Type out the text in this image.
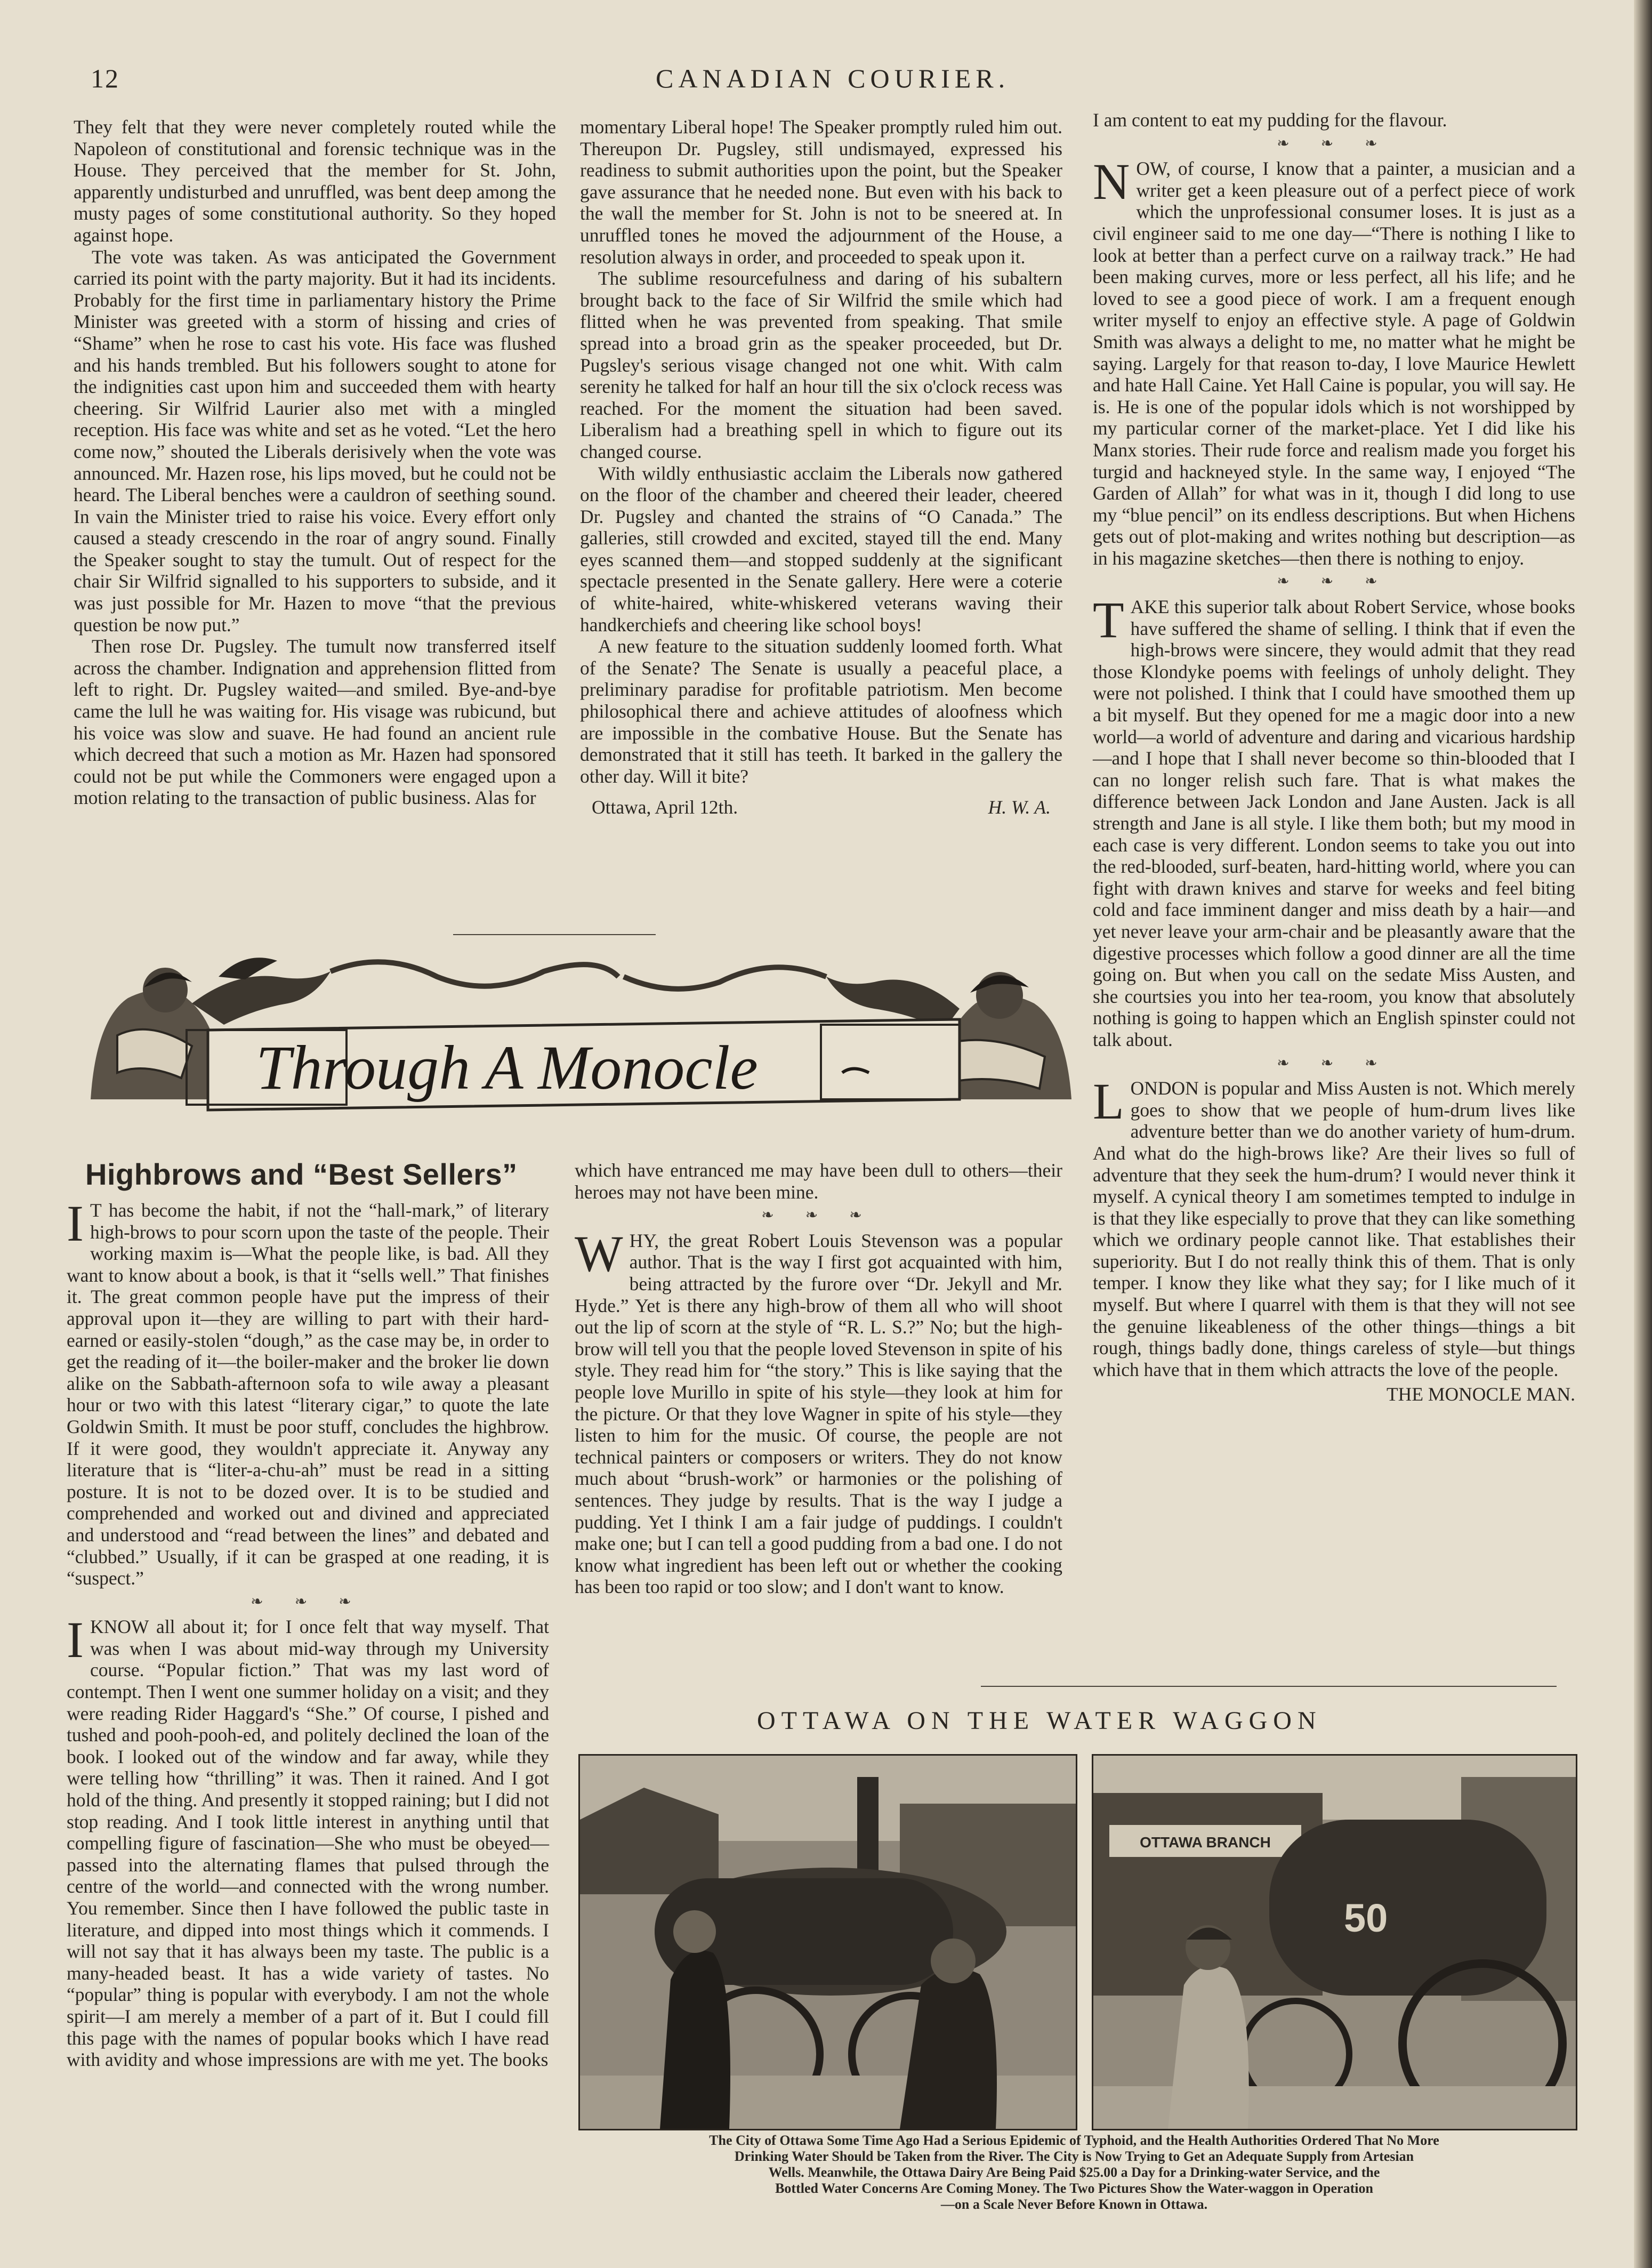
12	CANADIAN COURIER.

They felt that they were never completely routed while the Napoleon of constitutional and forensic technique was in the House. They perceived that the member for St. John, apparently undisturbed and unruffled, was bent deep among the musty pages of some constitutional authority. So they hoped against hope.

The vote was taken. As was anticipated the Government carried its point with the party majority. But it had its incidents. Probably for the first time in parliamentary history the Prime Minister was greeted with a storm of hissing and cries of “Shame” when he rose to cast his vote. His face was flushed and his hands trembled. But his followers sought to atone for the indignities cast upon him and succeeded them with hearty cheering. Sir Wilfrid Laurier also met with a mingled reception. His face was white and set as he voted. “Let the hero come now,” shouted the Liberals derisively when the vote was announced. Mr. Hazen rose, his lips moved, but he could not be heard. The Liberal benches were a cauldron of seething sound. In vain the Minister tried to raise his voice. Every effort only caused a steady crescendo in the roar of angry sound. Finally the Speaker sought to stay the tumult. Out of respect for the chair Sir Wilfrid signalled to his supporters to subside, and it was just possible for Mr. Hazen to move “that the previous question be now put.”

Then rose Dr. Pugsley. The tumult now transferred itself across the chamber. Indignation and apprehension flitted from left to right. Dr. Pugsley waited—and smiled. Bye-and-bye came the lull he was waiting for. His visage was rubicund, but his voice was slow and suave. He had found an ancient rule which decreed that such a motion as Mr. Hazen had sponsored could not be put while the Commoners were engaged upon a motion relating to the transaction of public business. Alas for

momentary Liberal hope! The Speaker promptly ruled him out. Thereupon Dr. Pugsley, still undismayed, expressed his readiness to submit authorities upon the point, but the Speaker gave assurance that he needed none. But even with his back to the wall the member for St. John is not to be sneered at. In unruffled tones he moved the adjournment of the House, a resolution always in order, and proceeded to speak upon it.

The sublime resourcefulness and daring of his subaltern brought back to the face of Sir Wilfrid the smile which had flitted when he was prevented from speaking. That smile spread into a broad grin as the speaker proceeded, but Dr. Pugsley's serious visage changed not one whit. With calm serenity he talked for half an hour till the six o'clock recess was reached. For the moment the situation had been saved. Liberalism had a breathing spell in which to figure out its changed course.

With wildly enthusiastic acclaim the Liberals now gathered on the floor of the chamber and cheered their leader, cheered Dr. Pugsley and chanted the strains of “O Canada.” The galleries, still crowded and excited, stayed till the end. Many eyes scanned them—and stopped suddenly at the significant spectacle presented in the Senate gallery. Here were a coterie of white-haired, white-whiskered veterans waving their handkerchiefs and cheering like school boys!

A new feature to the situation suddenly loomed forth. What of the Senate? The Senate is usually a peaceful place, a preliminary paradise for profitable patriotism. Men become philosophical there and achieve attitudes of aloofness which are impossible in the combative House. But the Senate has demonstrated that it still has teeth. It barked in the gallery the other day. Will it bite?

Ottawa, April 12th.	H. W. A.
Through A Monocle
Highbrows and “Best Sellers”

I T has become the habit, if not the “hall-mark,” of literary high-brows to pour scorn upon the taste of the people. Their working maxim is—What the people like, is bad. All they want to know about a book, is that it “sells well.” That finishes it. The great common people have put the impress of their approval upon it—they are willing to part with their hard-earned or easily-stolen “dough,” as the case may be, in order to get the reading of it—the boiler-maker and the broker lie down alike on the Sabbath-afternoon sofa to wile away a pleasant hour or two with this latest “literary cigar,” to quote the late Goldwin Smith. It must be poor stuff, concludes the highbrow. If it were good, they wouldn't appreciate it. Anyway any literature that is “liter-a-chu-ah” must be read in a sitting posture. It is not to be dozed over. It is to be studied and comprehended and worked out and divined and appreciated and understood and “read between the lines” and debated and “clubbed.” Usually, if it can be grasped at one reading, it is “suspect.”

❧ ❧ ❧

IKNOW all about it; for I once felt that way myself. That was when I was about mid-way through my University course. “Popular fiction.” That was my last word of contempt. Then I went one summer holiday on a visit; and they were reading Rider Haggard's “She.” Of course, I pished and tushed and pooh-pooh-ed, and politely declined the loan of the book. I looked out of the window and far away, while they were telling how “thrilling” it was. Then it rained. And I got hold of the thing. And presently it stopped raining; but I did not stop reading. And I took little interest in anything until that compelling figure of fascination—She who must be obeyed—passed into the alternating flames that pulsed through the centre of the world—and connected with the wrong number. You remember. Since then I have followed the public taste in literature, and dipped into most things which it commends. I will not say that it has always been my taste. The public is a many-headed beast. It has a wide variety of tastes. No “popular” thing is popular with everybody. I am not the whole spirit—I am merely a member of a part of it. But I could fill this page with the names of popular books which I have read with avidity and whose impressions are with me yet. The books

which have entranced me may have been dull to others—their heroes may not have been mine.

❧ ❧ ❧

WHY, the great Robert Louis Stevenson was a popular author. That is the way I first got acquainted with him, being attracted by the furore over “Dr. Jekyll and Mr. Hyde.” Yet is there any high-brow of them all who will shoot out the lip of scorn at the style of “R. L. S.?” No; but the high-brow will tell you that the people loved Stevenson in spite of his style. They read him for “the story.” This is like saying that the people love Murillo in spite of his style—they look at him for the picture. Or that they love Wagner in spite of his style—they listen to him for the music. Of course, the people are not technical painters or composers or writers. They do not know much about “brush-work” or harmonies or the polishing of sentences. They judge by results. That is the way I judge a pudding. Yet I think I am a fair judge of puddings. I couldn't make one; but I can tell a good pudding from a bad one. I do not know what ingredient has been left out or whether the cooking has been too rapid or too slow; and I don't want to know.

I am content to eat my pudding for the flavour.

❧ ❧ ❧

NOW, of course, I know that a painter, a musician and a writer get a keen pleasure out of a perfect piece of work which the unprofessional consumer loses. It is just as a civil engineer said to me one day—“There is nothing I like to look at better than a perfect curve on a railway track.” He had been making curves, more or less perfect, all his life; and he loved to see a good piece of work. I am a frequent enough writer myself to enjoy an effective style. A page of Goldwin Smith was always a delight to me, no matter what he might be saying. Largely for that reason to-day, I love Maurice Hewlett and hate Hall Caine. Yet Hall Caine is popular, you will say. He is. He is one of the popular idols which is not worshipped by my particular corner of the market-place. Yet I did like his Manx stories. Their rude force and realism made you forget his turgid and hackneyed style. In the same way, I enjoyed “The Garden of Allah” for what was in it, though I did long to use my “blue pencil” on its endless descriptions. But when Hichens gets out of plot-making and writes nothing but description—as in his magazine sketches—then there is nothing to enjoy.

❧ ❧ ❧

TAKE this superior talk about Robert Service, whose books have suffered the shame of selling. I think that if even the high-brows were sincere, they would admit that they read those Klondyke poems with feelings of unholy delight. They were not polished. I think that I could have smoothed them up a bit myself. But they opened for me a magic door into a new world—a world of adventure and daring and vicarious hardship—and I hope that I shall never become so thin-blooded that I can no longer relish such fare. That is what makes the difference between Jack London and Jane Austen. Jack is all strength and Jane is all style. I like them both; but my mood in each case is very different. London seems to take you out into the red-blooded, surf-beaten, hard-hitting world, where you can fight with drawn knives and starve for weeks and feel biting cold and face imminent danger and miss death by a hair—and yet never leave your arm-chair and be pleasantly aware that the digestive processes which follow a good dinner are all the time going on. But when you call on the sedate Miss Austen, and she courtsies you into her tea-room, you know that absolutely nothing is going to happen which an English spinster could not talk about.

❧ ❧ ❧

LONDON is popular and Miss Austen is not. Which merely goes to show that we people of hum-drum lives like adventure better than we do another variety of hum-drum. And what do the high-brows like? Are their lives so full of adventure that they seek the hum-drum? I would never think it myself. A cynical theory I am sometimes tempted to indulge in is that they like especially to prove that they can like something which we ordinary people cannot like. That establishes their superiority. But I do not really think this of them. That is only temper. I know they like what they say; for I like much of it myself. But where I quarrel with them is that they will not see the genuine likeableness of the other things—things a bit rough, things badly done, things careless of style—but things which have that in them which attracts the love of the people.

THE MONOCLE MAN.

OTTAWA ON THE WATER WAGGON
OTTAWA BRANCH
50
The City of Ottawa Some Time Ago Had a Serious Epidemic of Typhoid, and the Health Authorities Ordered That No More
Drinking Water Should be Taken from the River. The City is Now Trying to Get an Adequate Supply from Artesian
Wells. Meanwhile, the Ottawa Dairy Are Being Paid $25.00 a Day for a Drinking-water Service, and the
Bottled Water Concerns Are Coming Money. The Two Pictures Show the Water-waggon in Operation
—on a Scale Never Before Known in Ottawa.
